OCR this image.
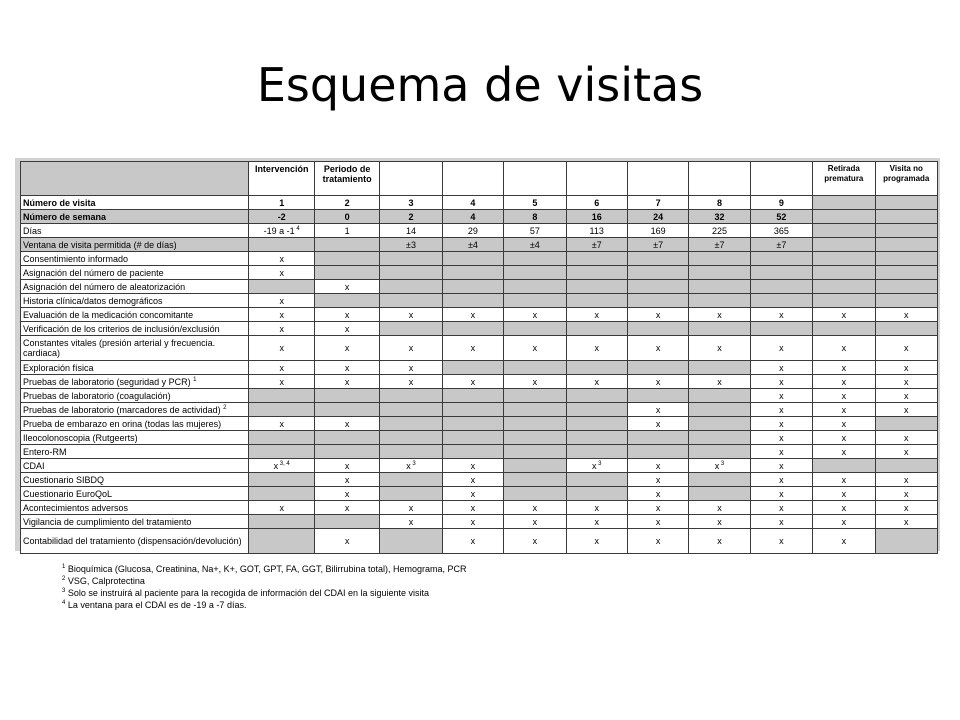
Esquema de visitas
	Intervención	Periodo de tratamiento								Retirada prematura	Visita no programada
Número de visita	1	2	3	4	5	6	7	8	9		
Número de semana	-2	0	2	4	8	16	24	32	52		
Días	-19 a -1 $^4$	1	14	29	57	113	169	225	365		
Ventana de visita permitida (# de días)			±3	±4	±4	±7	±7	±7	±7		
Consentimiento informado	x										
Asignación del número de paciente	x										
Asignación del número de aleatorización		x									
Historia clínica/datos demográficos	x										
Evaluación de la medicación concomitante	x	x	x	x	x	x	x	x	x	x	x
Verificación de los criterios de inclusión/exclusión	x	x									
Constantes vitales (presión arterial y frecuencia. cardiaca)	x	x	x	x	x	x	x	x	x	x	x
Exploración física	x	x	x						x	x	x
Pruebas de laboratorio (seguridad y PCR) $^1$	x	x	x	x	x	x	x	x	x	x	x
Pruebas de laboratorio (coagulación)									x	x	x
Pruebas de laboratorio (marcadores de actividad) $^2$							x		x	x	x
Prueba de embarazo en orina (todas las mujeres)	x	x					x		x	x	
Ileocolonoscopia (Rutgeerts)									x	x	x
Entero-RM									x	x	x
CDAI	x $^{3, 4}$	x	x $^3$	x		x $^3$	x	x $^3$	x		
Cuestionario SIBDQ		x		x			x		x	x	x
Cuestionario EuroQoL		x		x			x		x	x	x
Acontecimientos adversos	x	x	x	x	x	x	x	x	x	x	x
Vigilancia de cumplimiento del tratamiento			x	x	x	x	x	x	x	x	x
Contabilidad del tratamiento (dispensación/devolución)		x		x	x	x	x	x	x	x	
$^1$ Bioquímica (Glucosa, Creatinina, Na+, K+, GOT, GPT, FA, GGT, Bilirrubina total), Hemograma, PCR
$^2$ VSG, Calprotectina
$^3$ Solo se instruirá al paciente para la recogida de información del CDAI en la siguiente visita
$^4$ La ventana para el CDAI es de -19 a -7 días.
